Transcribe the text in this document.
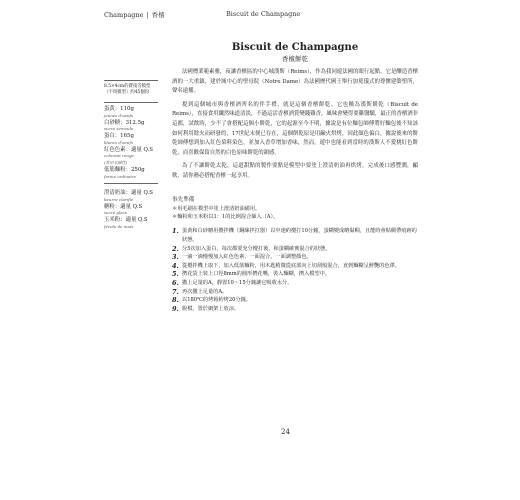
Champagne | 香檳	Biscuit de Champagne
8.5×4cm的費南雪模型（不同模型）約45個份
蛋黃：110g
jaunes d'oeufs
白砂糖：312.5g
sucre semoule
蛋白：165g
blancs d'oeufs
紅色色素：適量 Q.S
colorant rouge
(食用水融性)
低筋麵粉：250g
farine ordinaire
澄清奶油：適量 Q.S
beurre clarifié
糖粉：適量 Q.S
sucre glace
玉米粉：適量 Q.S
fécule de maïs
Biscuit de Champagne
香檳餅乾

法國標業範素雅，夜讓香檳區的中心城漢斯（Reims），作為我同遊法國的眼行起點，它是釀造香檳酒的一大重鎮，建於城中心的聖母院（Notre Dame）為法國歷代國王舉行加冕儀式的尊懷建築聖所，聲名遠播。

提到這個城市與香檳酒齊名的伴手禮，就是這個香檳餅乾。它也稱為漢斯餅乾（Biscuit de Reims），直接食用纖然味道清淡，不過這活香檳酒賞變錢雞香，風味會變得要雞醫驗，最正的香檳酒非這都，試飲時，少不了會搭配這個小餅乾，它的起源至今不明，據說是有位麵包師傅將好麵包後不知該如何利用餘火而研發的，17世紀末便已存在，這個餅乾原是用鹼火烘烤，因此顏色偏白，據說後來的餅乾師傅想到加入紅色染料染色，並加入香草增加香味，然而，遊中也能看到當時的漢斯人不愛桃紅色餅乾，而喜歡保留自然的白色原味餅乾的韻感。

為了不讓餅乾太乾，這道甜點的製作要點是模型中要塗上澄清奶油再烘烤，完成後口感豐潤，顯軟，請你務必搭配香檳一起享用。

事先準備
＊用毛刷在模型中塗上澄清奶油備用。
＊麵粉和玉米粉以1：1的比例混合篩入（A）。
1. 蛋黃和白砂糖用攪拌機（鋼絲拌打器）以中速約攪打10分鐘，蛋糊變成略黏稠，且能時會粘稠帶痕跡的狀態。
2. 分5次加入蛋白，每次都要充分攪打後，和蛋糊確實混合的狀態。
3. 一滴一滴慢慢加入紅色色素，一面混合，一面調整顏色。
4. 從攪拌機上取下，加入低筋麵粉，用木匙稍微從底部向上切刮般混合，直到麵糊呈鮮艷的色澤。
5. 擠花袋上裝上口徑8mm的圓形擠花嘴，裝入麵糊，擠入模型中。
6. 撒上足量的A，靜置10〜15分鐘讓它吸收水分。
7. 再次撒上足量的A。
8. 以180℃的烤箱約烤20分鐘。
9. 脫模，置於網架上放涼。
24
